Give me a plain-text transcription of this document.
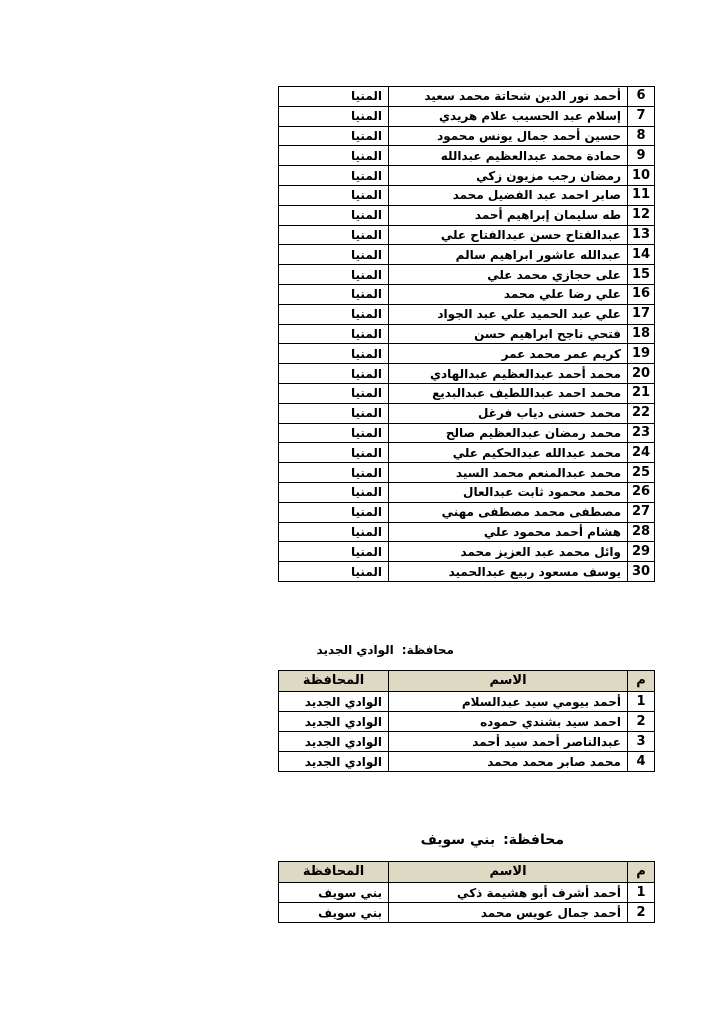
6	أحمد نور الدين شحاتة محمد سعيد	المنيا
7	إسلام عبد الحسيب علام هريدي	المنيا
8	حسين أحمد جمال يونس محمود	المنيا
9	حمادة محمد عبدالعظيم عبدالله	المنيا
10	رمضان رجب مزيون زكي	المنيا
11	صابر احمد عبد الفضيل محمد	المنيا
12	طه سليمان إبراهيم أحمد	المنيا
13	عبدالفتاح حسن عبدالفتاح علي	المنيا
14	عبدالله عاشور ابراهيم سالم	المنيا
15	على حجازي محمد علي	المنيا
16	علي رضا علي محمد	المنيا
17	علي عبد الحميد علي عبد الجواد	المنيا
18	فتحي ناجح ابراهيم حسن	المنيا
19	كريم عمر محمد عمر	المنيا
20	محمد أحمد عبدالعظيم عبدالهادي	المنيا
21	محمد احمد عبداللطيف عبدالبديع	المنيا
22	محمد حسنى دياب فرغل	المنيا
23	محمد رمضان عبدالعظيم صالح	المنيا
24	محمد عبدالله عبدالحكيم علي	المنيا
25	محمد عبدالمنعم محمد السيد	المنيا
26	محمد محمود ثابت عبدالعال	المنيا
27	مصطفى محمد مصطفى مهني	المنيا
28	هشام أحمد محمود علي	المنيا
29	وائل محمد عبد العزيز محمد	المنيا
30	يوسف مسعود ربيع عبدالحميد	المنيا
محافظة:الوادي الجديد
م	الاسم	المحافظة
1	أحمد بيومي سيد عبدالسلام	الوادي الجديد
2	احمد سيد بشندي حموده	الوادي الجديد
3	عبدالناصر أحمد سيد أحمد	الوادي الجديد
4	محمد صابر محمد محمد	الوادي الجديد
محافظة:بني سويف
م	الاسم	المحافظة
1	أحمد أشرف أبو هشيمة ذكي	بني سويف
2	أحمد جمال عويس محمد	بني سويف
